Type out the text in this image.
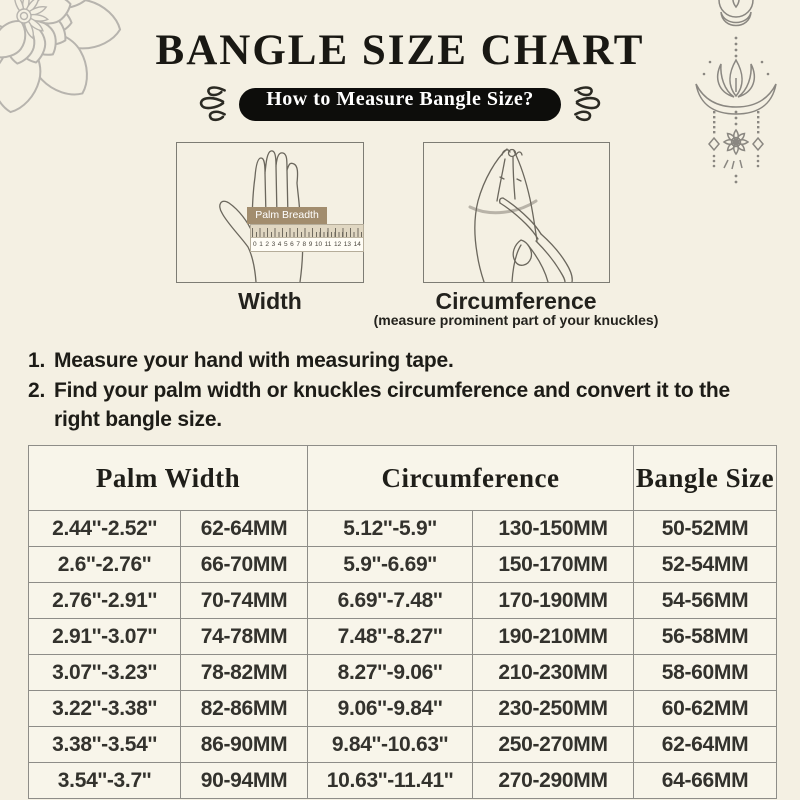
BANGLE SIZE CHART
How to Measure Bangle Size?
Palm Breadth
0 1 2 3 4 5 6 7 8 9 10 11 12 13 14
Width	Circumference
(measure prominent part of your knuckles)
1. Measure your hand with measuring tape.
2. Find your palm width or knuckles circumference and convert it to the right bangle size.
Palm Width		Circumference		Bangle Size
2.44''-2.52''	62-64MM	5.12''-5.9''	130-150MM	50-52MM
2.6''-2.76''	66-70MM	5.9''-6.69''	150-170MM	52-54MM
2.76''-2.91''	70-74MM	6.69''-7.48''	170-190MM	54-56MM
2.91''-3.07''	74-78MM	7.48''-8.27''	190-210MM	56-58MM
3.07''-3.23''	78-82MM	8.27''-9.06''	210-230MM	58-60MM
3.22''-3.38''	82-86MM	9.06''-9.84''	230-250MM	60-62MM
3.38''-3.54''	86-90MM	9.84''-10.63''	250-270MM	62-64MM
3.54''-3.7''	90-94MM	10.63''-11.41''	270-290MM	64-66MM
